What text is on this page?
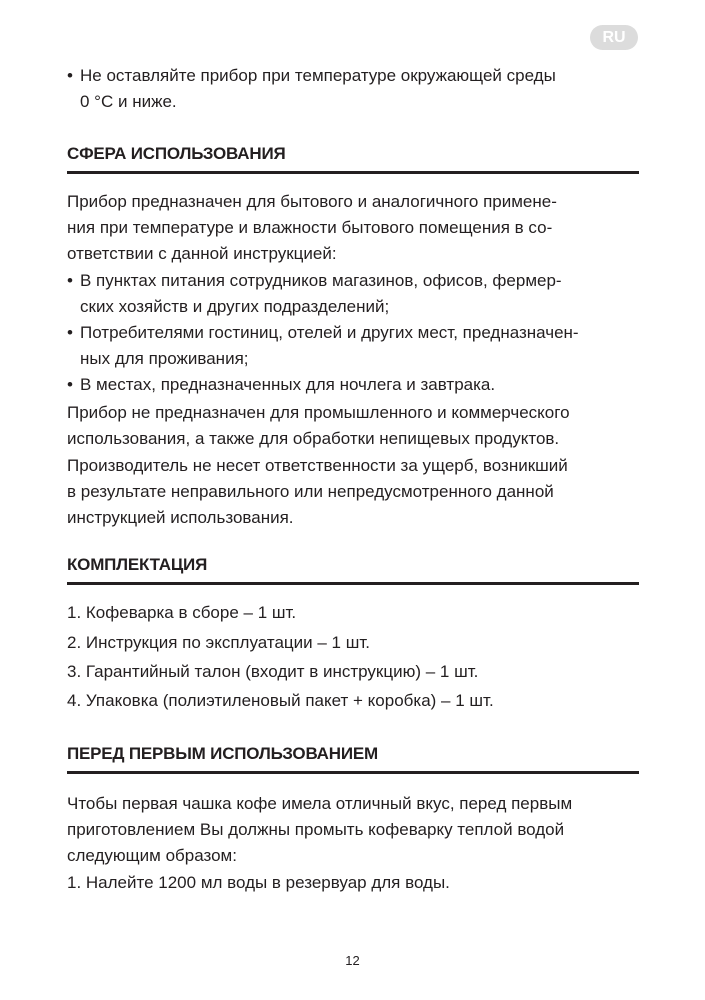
RU
• Не оставляйте прибор при температуре окружающей среды
0 °C и ниже.
СФЕРА ИСПОЛЬЗОВАНИЯ
Прибор предназначен для бытового и аналогичного примене-
ния при температуре и влажности бытового помещения в со-
ответствии с данной инструкцией:
• В пунктах питания сотрудников магазинов, офисов, фермер-
ских хозяйств и других подразделений;
• Потребителями гостиниц, отелей и других мест, предназначен-
ных для проживания;
• В местах, предназначенных для ночлега и завтрака.
Прибор не предназначен для промышленного и коммерческого
использования, а также для обработки непищевых продуктов.
Производитель не несет ответственности за ущерб, возникший
в результате неправильного или непредусмотренного данной
инструкцией использования.
КОМПЛЕКТАЦИЯ
1. Кофеварка в сборе – 1 шт.
2. Инструкция по эксплуатации – 1 шт.
3. Гарантийный талон (входит в инструкцию) – 1 шт.
4. Упаковка (полиэтиленовый пакет + коробка) – 1 шт.
ПЕРЕД ПЕРВЫМ ИСПОЛЬЗОВАНИЕМ
Чтобы первая чашка кофе имела отличный вкус, перед первым
приготовлением Вы должны промыть кофеварку теплой водой
следующим образом:
1. Налейте 1200 мл воды в резервуар для воды.
12
